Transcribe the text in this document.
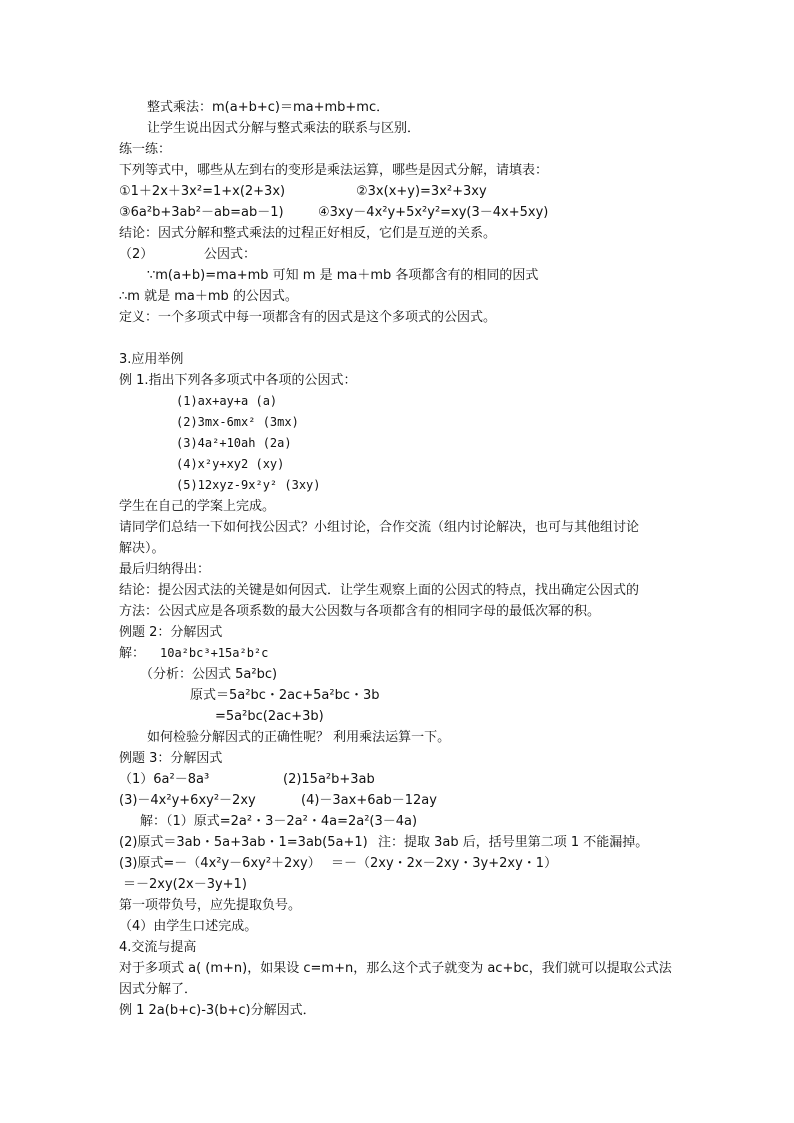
整式乘法：m(a+b+c)＝ma+mb+mc．
让学生说出因式分解与整式乘法的联系与区别．
练一练：
下列等式中，哪些从左到右的变形是乘法运算，哪些是因式分解，请填表：
①1＋2x＋3x²=1+x(2+3x)	②3x(x+y)=3x²+3xy
③6a²b+3ab²－ab=ab－1)	④3xy－4x²y+5x²y²=xy(3－4x+5xy)
结论：因式分解和整式乘法的过程正好相反，它们是互逆的关系。
（2）	公因式：
∵m(a+b)=ma+mb 可知 m 是 ma＋mb 各项都含有的相同的因式
∴m 就是 ma＋mb 的公因式。
定义：一个多项式中每一项都含有的因式是这个多项式的公因式。
3.应用举例
例 1.指出下列各多项式中各项的公因式：
(1)ax+ay+a (a)
(2)3mx-6mx² (3mx)
(3)4a²+10ah (2a)
(4)x²y+xy2 (xy)
(5)12xyz-9x²y² (3xy)
学生在自己的学案上完成。
请同学们总结一下如何找公因式？小组讨论，合作交流（组内讨论解决，也可与其他组讨论
解决）。
最后归纳得出：
结论：提公因式法的关键是如何因式．让学生观察上面的公因式的特点，找出确定公因式的
方法：公因式应是各项系数的最大公因数与各项都含有的相同字母的最低次幂的积。
例题 2：分解因式
解： 10a²bc³+15a²b²c
（分析：公因式 5a²bc)
原式＝5a²bc・2ac+5a²bc・3b
=5a²bc(2ac+3b)
如何检验分解因式的正确性呢？ 利用乘法运算一下。
例题 3：分解因式
（1）6a²－8a³	(2)15a²b+3ab
(3)－4x²y+6xy²－2xy	(4)－3ax+6ab－12ay
解：（1）原式=2a²・3－2a²・4a=2a²(3－4a)
(2)原式＝3ab・5a+3ab・1=3ab(5a+1) 注：提取 3ab 后，括号里第二项 1 不能漏掉。
(3)原式=－（4x²y－6xy²＋2xy） ＝－（2xy・2x－2xy・3y+2xy・1）
＝－2xy(2x－3y+1)
第一项带负号，应先提取负号。
（4）由学生口述完成。
4.交流与提高
对于多项式 a( (m+n)，如果设 c=m+n，那么这个式子就变为 ac+bc，我们就可以提取公式法
因式分解了．
例 1 2a(b+c)-3(b+c)分解因式．
